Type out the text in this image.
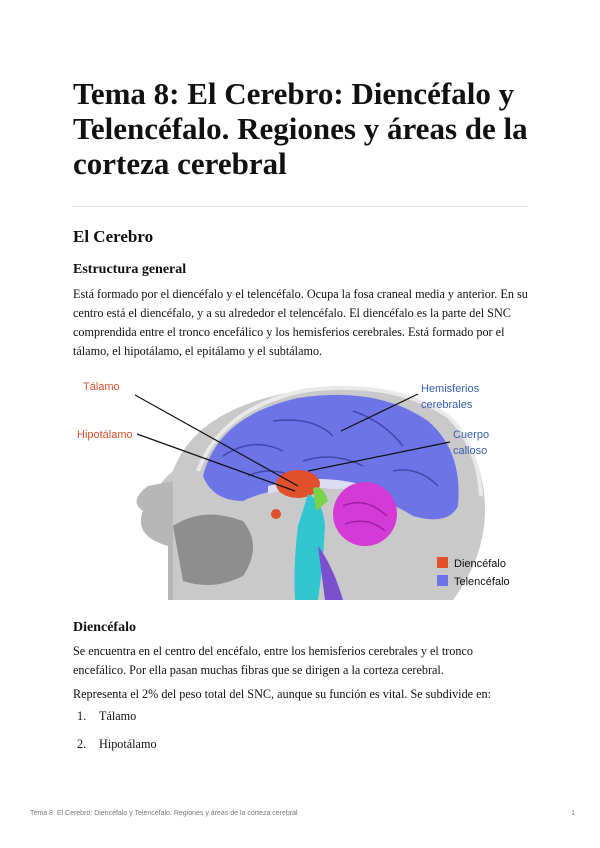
Tema 8: El Cerebro: Diencéfalo y Telencéfalo. Regiones y áreas de la corteza cerebral
El Cerebro
Estructura general

Está formado por el diencéfalo y el telencéfalo. Ocupa la fosa craneal media y anterior. En su centro está el diencéfalo, y a su alrededor el telencéfalo. El diencéfalo es la parte del SNC comprendida entre el tronco encefálico y los hemisferios cerebrales. Está formado por el tálamo, el hipotálamo, el epitálamo y el subtálamo.

Tálamo
Hipotálamo
Hemisferios
cerebrales
Cuerpo
calloso
Diencéfalo
Telencéfalo
Diencéfalo

Se encuentra en el centro del encéfalo, entre los hemisferios cerebrales y el tronco encefálico. Por ella pasan muchas fibras que se dirigen a la corteza cerebral.

Representa el 2% del peso total del SNC, aunque su función es vital. Se subdivide en:

1. Tálamo
2. Hipotálamo
Tema 8: El Cerebro: Diencéfalo y Telencéfalo. Regiones y áreas de la corteza cerebral	1
